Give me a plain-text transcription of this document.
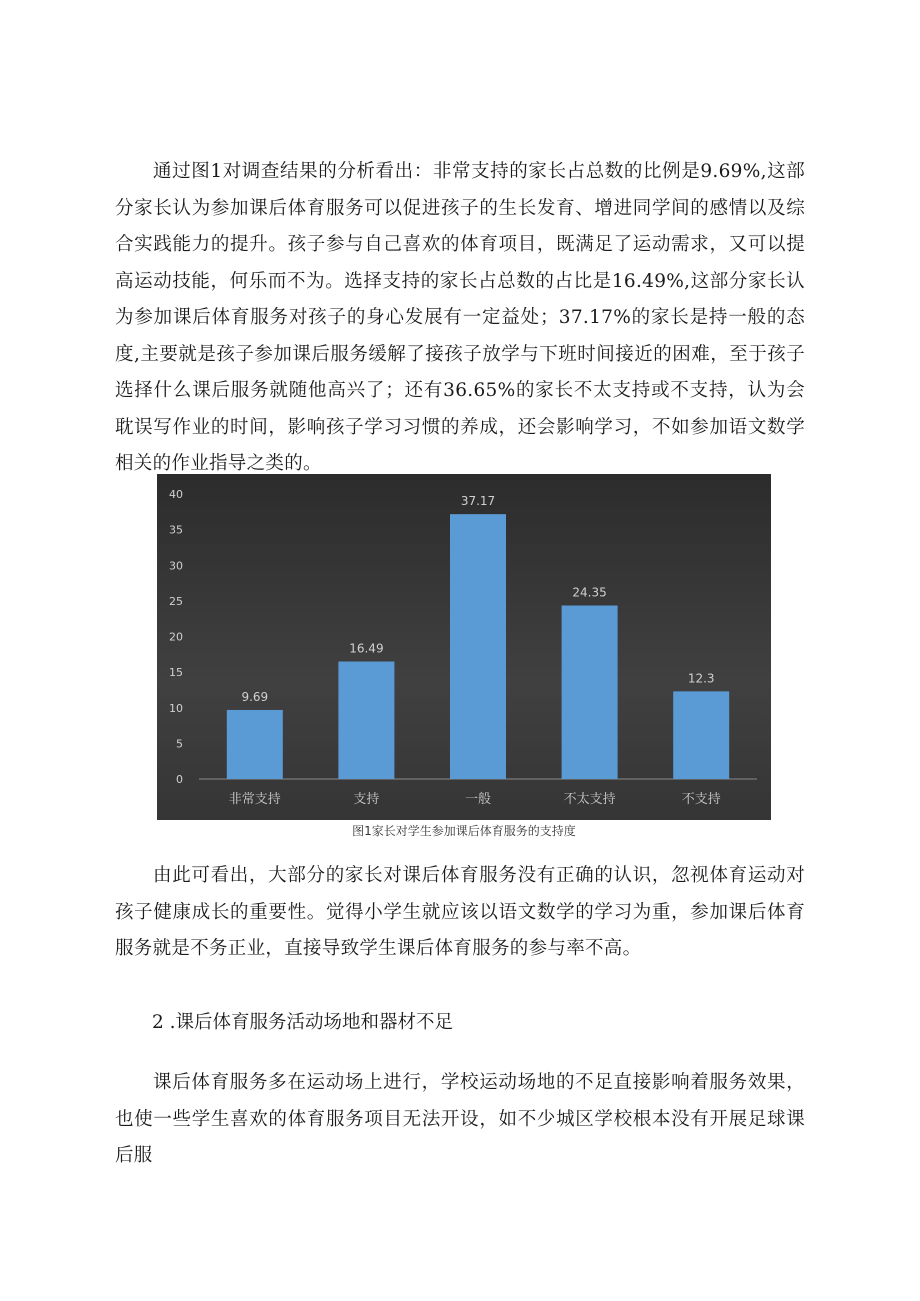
通过图1对调查结果的分析看出：非常支持的家长占总数的比例是9.69%,这部分家长认为参加课后体育服务可以促进孩子的生长发育、增进同学间的感情以及综合实践能力的提升。孩子参与自己喜欢的体育项目，既满足了运动需求，又可以提高运动技能，何乐而不为。选择支持的家长占总数的占比是16.49%,这部分家长认为参加课后体育服务对孩子的身心发展有一定益处；37.17%的家长是持一般的态度,主要就是孩子参加课后服务缓解了接孩子放学与下班时间接近的困难，至于孩子选择什么课后服务就随他高兴了；还有36.65%的家长不太支持或不支持，认为会耽误写作业的时间，影响孩子学习习惯的养成，还会影响学习，不如参加语文数学相关的作业指导之类的。

0
5
10
15
20
25
30
35
40
9.69
非常支持
16.49
支持
37.17
一般
24.35
不太支持
12.3
不支持

图1家长对学生参加课后体育服务的支持度

由此可看出，大部分的家长对课后体育服务没有正确的认识，忽视体育运动对孩子健康成长的重要性。觉得小学生就应该以语文数学的学习为重，参加课后体育服务就是不务正业，直接导致学生课后体育服务的参与率不高。

2 .课后体育服务活动场地和器材不足

课后体育服务多在运动场上进行，学校运动场地的不足直接影响着服务效果，也使一些学生喜欢的体育服务项目无法开设，如不少城区学校根本没有开展足球课后服
